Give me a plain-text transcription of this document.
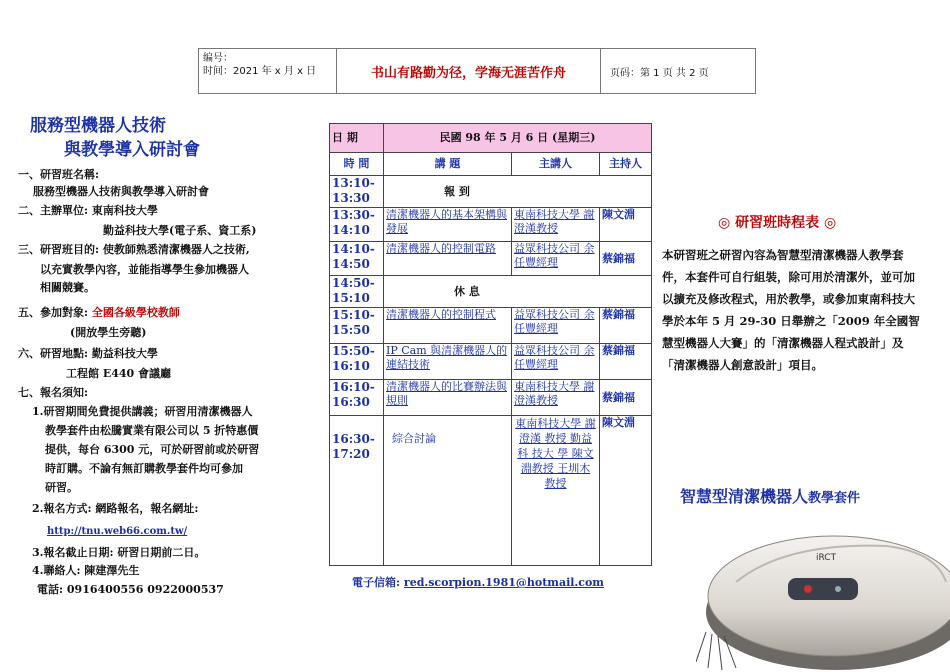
编号：
时间：2021 年 x 月 x 日	书山有路勤为径，学海无涯苦作舟	页码：第 1 页 共 2 页
服務型機器人技術
與教學導入研討會
一、研習班名稱:
服務型機器人技術與教學導入研討會
二、主辦單位: 東南科技大學
勤益科技大學(電子系、資工系)
三、研習班目的: 使教師熟悉清潔機器人之技術,
以充實教學內容，並能指導學生參加機器人
相關競賽。
五、參加對象: 全國各級學校教師
(開放學生旁聽)
六、研習地點: 勤益科技大學
工程館 E440 會議廳
七、報名須知:
1.研習期間免費提供講義；研習用清潔機器人
教學套件由松騰實業有限公司以 5 折特惠價
提供，每台 6300 元，可於研習前或於研習
時訂購。不論有無訂購教學套件均可參加
研習。
2.報名方式: 網路報名，報名網址:
http://tnu.web66.com.tw/
3.報名截止日期: 研習日期前二日。
4.聯絡人: 陳建澤先生
電話: 0916400556 0922000537
日 期	民國 98 年 5 月 6 日 (星期三)		
時 間	講 題	主講人	主持人
13:10-13:30	報 到		
13:30-14:10	清潔機器人的基本架構與發展	東南科技大學 謝澄漢教授	陳文淵
14:10-14:50	清潔機器人的控制電路	益眾科技公司 余任豐經理	蔡錦福
14:50-15:10	休 息		
15:10-15:50	清潔機器人的控制程式	益眾科技公司 余任豐經理	蔡錦福
15:50-16:10	IP Cam 與清潔機器人的連結技術	益眾科技公司 余任豐經理	蔡錦福
16:10-16:30	清潔機器人的比賽辦法與規則	東南科技大學 謝澄漢教授	蔡錦福
16:30-17:20	綜合討論	東南科技大學 謝澄漢 教授 勤益科 技大 學 陳文淵教授 王圳木 教授	陳文淵
電子信箱: red.scorpion.1981@hotmail.com
◎ 研習班時程表 ◎
本研習班之研習內容為智慧型清潔機器人教學套件，本套件可自行組裝，除可用於清潔外，並可加以擴充及修改程式，用於教學，或參加東南科技大學於本年 5 月 29-30 日舉辦之「2009 年全國智慧型機器人大賽」的「清潔機器人程式設計」及「清潔機器人創意設計」項目。
智慧型清潔機器人教學套件
iRCT
